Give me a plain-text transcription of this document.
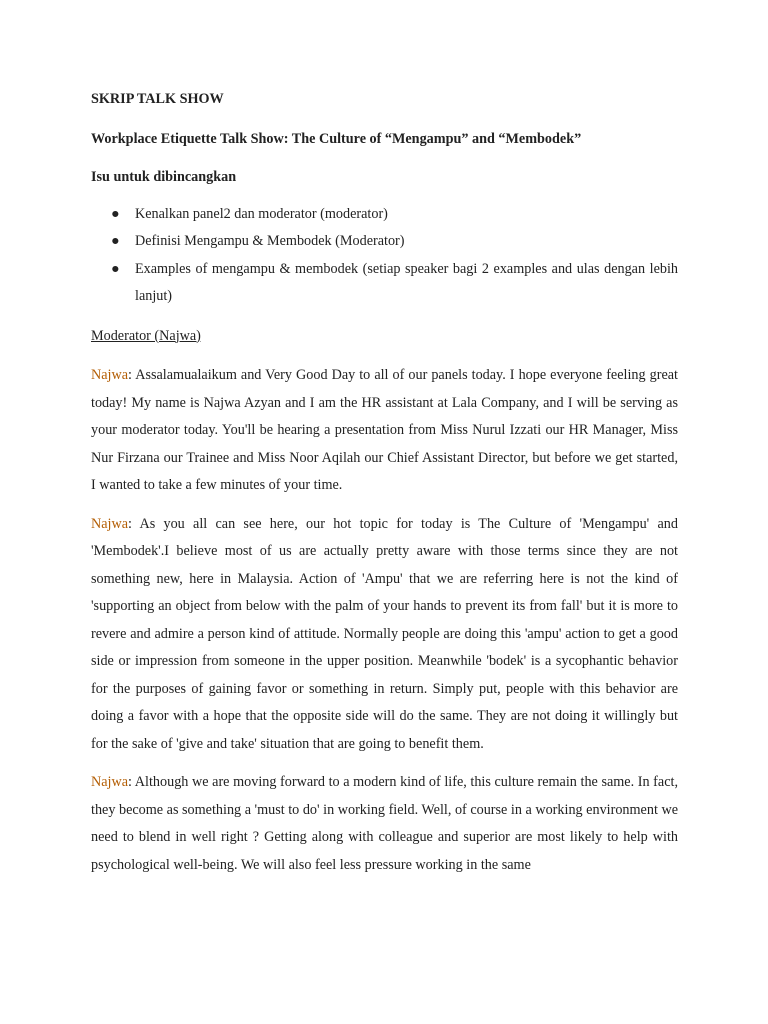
SKRIP TALK SHOW

Workplace Etiquette Talk Show: The Culture of “Mengampu” and “Membodek”

Isu untuk dibincangkan

● Kenalkan panel2 dan moderator (moderator)
● Definisi Mengampu & Membodek (Moderator)
● Examples of mengampu & membodek (setiap speaker bagi 2 examples and ulas dengan lebih lanjut)

Moderator (Najwa)

Najwa: Assalamualaikum and Very Good Day to all of our panels today. I hope everyone feeling great today! My name is Najwa Azyan and I am the HR assistant at Lala Company, and I will be serving as your moderator today. You'll be hearing a presentation from Miss Nurul Izzati our HR Manager, Miss Nur Firzana our Trainee and Miss Noor Aqilah our Chief Assistant Director, but before we get started, I wanted to take a few minutes of your time.

Najwa: As you all can see here, our hot topic for today is The Culture of 'Mengampu' and 'Membodek'.I believe most of us are actually pretty aware with those terms since they are not something new, here in Malaysia. Action of 'Ampu' that we are referring here is not the kind of 'supporting an object from below with the palm of your hands to prevent its from fall' but it is more to revere and admire a person kind of attitude. Normally people are doing this 'ampu' action to get a good side or impression from someone in the upper position. Meanwhile 'bodek' is a sycophantic behavior for the purposes of gaining favor or something in return. Simply put, people with this behavior are doing a favor with a hope that the opposite side will do the same. They are not doing it willingly but for the sake of 'give and take' situation that are going to benefit them.

Najwa: Although we are moving forward to a modern kind of life, this culture remain the same. In fact, they become as something a 'must to do' in working field. Well, of course in a working environment we need to blend in well right ? Getting along with colleague and superior are most likely to help with psychological well-being. We will also feel less pressure working in the same
